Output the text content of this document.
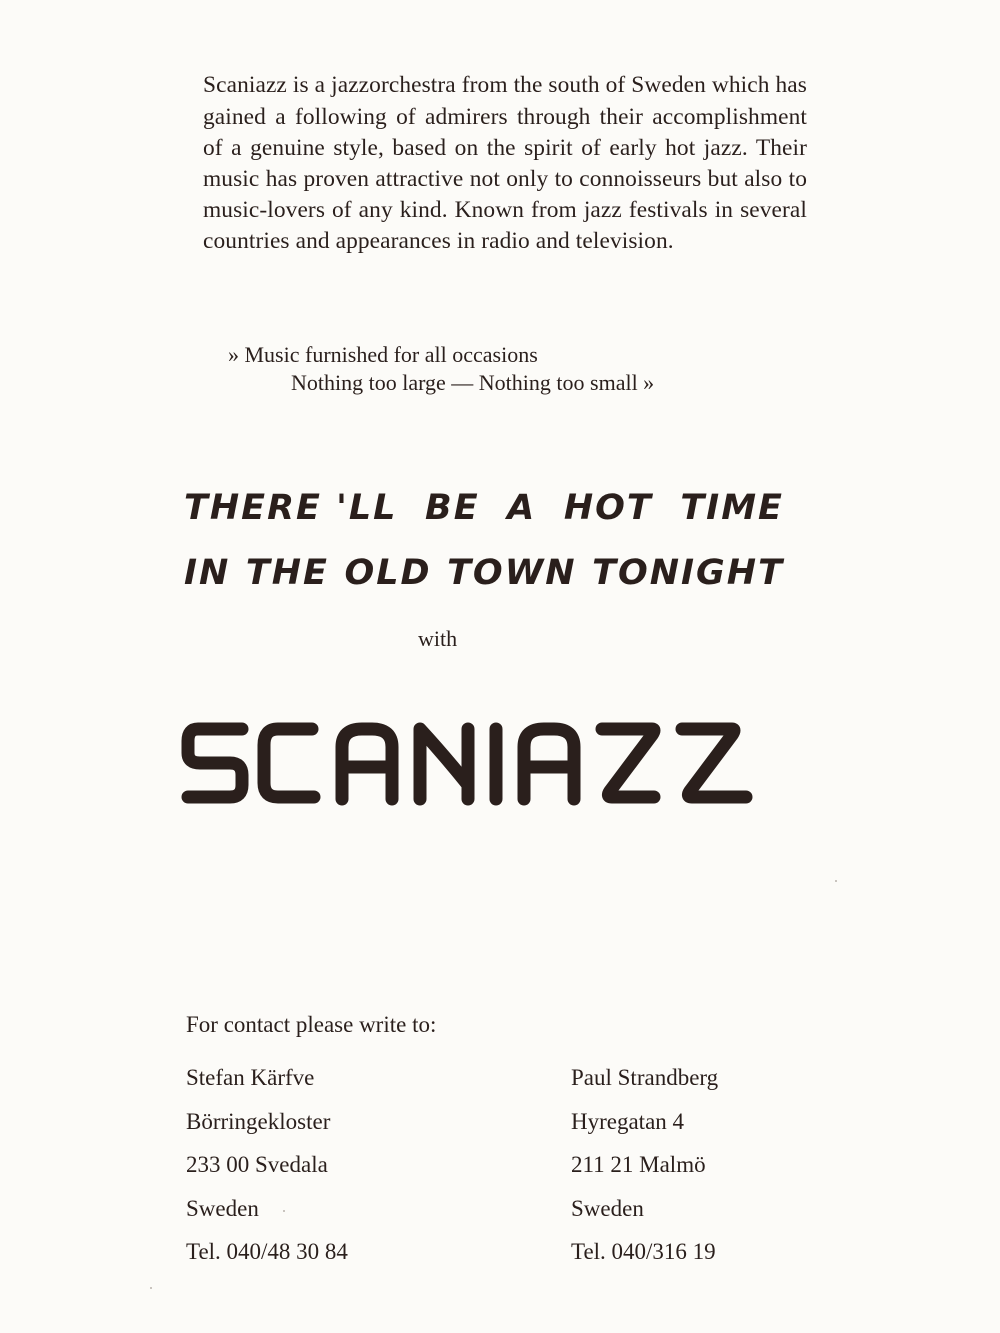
Scaniazz is a jazzorchestra from the south of Sweden which has gained a following of admirers through their accomplishment of a genuine style, based on the spirit of early hot jazz. Their music has proven attractive not only to connoisseurs but also to music-lovers of any kind. Known from jazz festivals in several countries and appearances in radio and television.

» Music furnished for all occasions
Nothing too large — Nothing too small »
THERE 'LL BE A HOT TIME
IN THE OLD TOWN TONIGHT
with
For contact please write to:
Stefan Kärfve
Börringekloster
233 00 Svedala
Sweden
Tel. 040/48 30 84
Paul Strandberg
Hyregatan 4
211 21 Malmö
Sweden
Tel. 040/316 19
